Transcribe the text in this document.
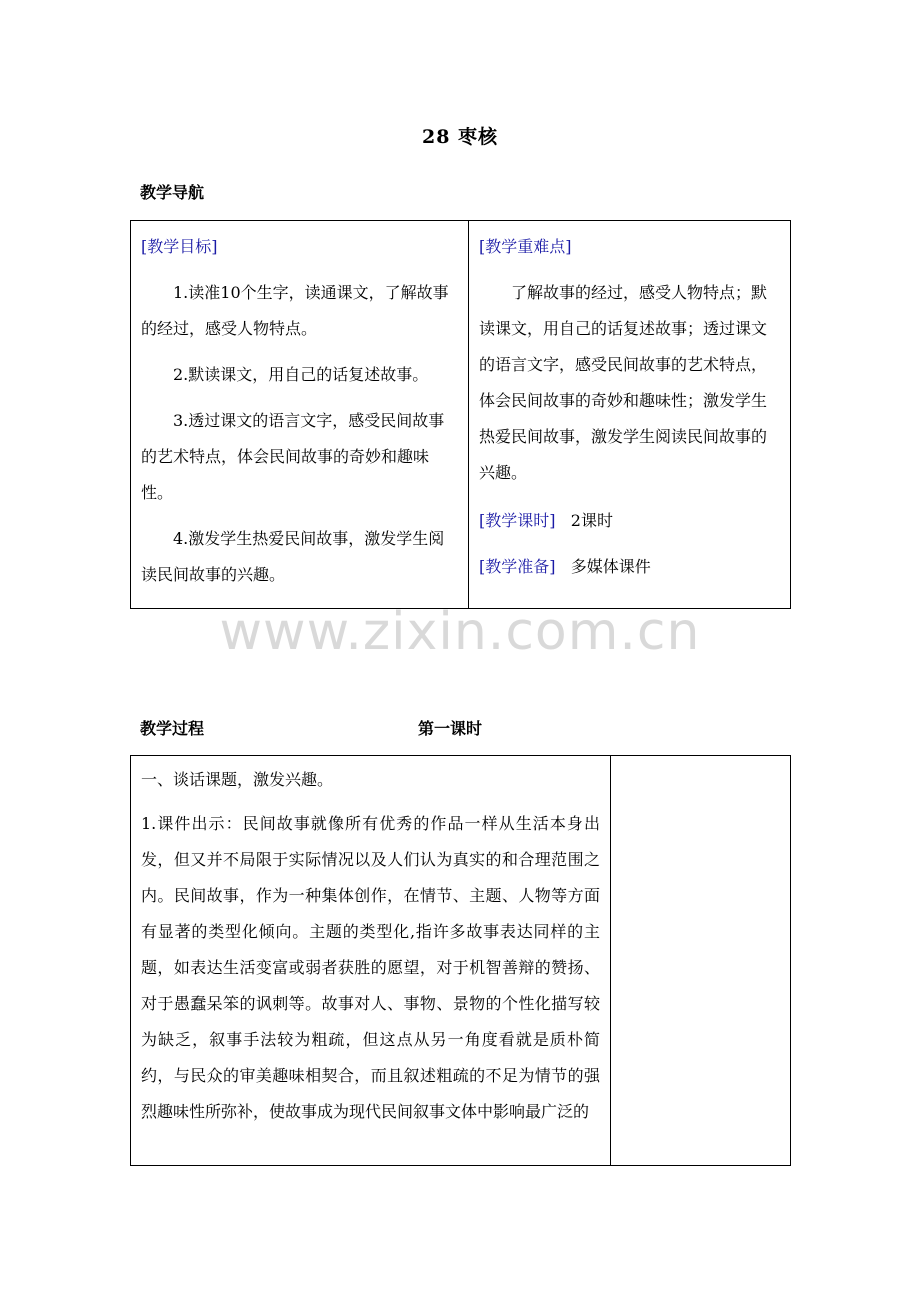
28 枣核
教学导航
[教学目标]
1.读准10个生字，读通课文，了解故事的经过，感受人物特点。
2.默读课文，用自己的话复述故事。
3.透过课文的语言文字，感受民间故事的艺术特点，体会民间故事的奇妙和趣味性。
4.激发学生热爱民间故事，激发学生阅读民间故事的兴趣。

[教学重难点]
了解故事的经过，感受人物特点；默读课文，用自己的话复述故事；透过课文的语言文字，感受民间故事的艺术特点，体会民间故事的奇妙和趣味性；激发学生热爱民间故事，激发学生阅读民间故事的兴趣。
[教学课时] 2课时
[教学准备] 多媒体课件
www.zixin.com.cn
教学过程	第一课时
一、谈话课题，激发兴趣。
1.课件出示：民间故事就像所有优秀的作品一样从生活本身出发，但又并不局限于实际情况以及人们认为真实的和合理范围之内。民间故事，作为一种集体创作，在情节、主题、人物等方面有显著的类型化倾向。主题的类型化,指许多故事表达同样的主题，如表达生活变富或弱者获胜的愿望，对于机智善辩的赞扬、对于愚蠢呆笨的讽刺等。故事对人、事物、景物的个性化描写较为缺乏，叙事手法较为粗疏，但这点从另一角度看就是质朴简约，与民众的审美趣味相契合，而且叙述粗疏的不足为情节的强烈趣味性所弥补，使故事成为现代民间叙事文体中影响最广泛的
